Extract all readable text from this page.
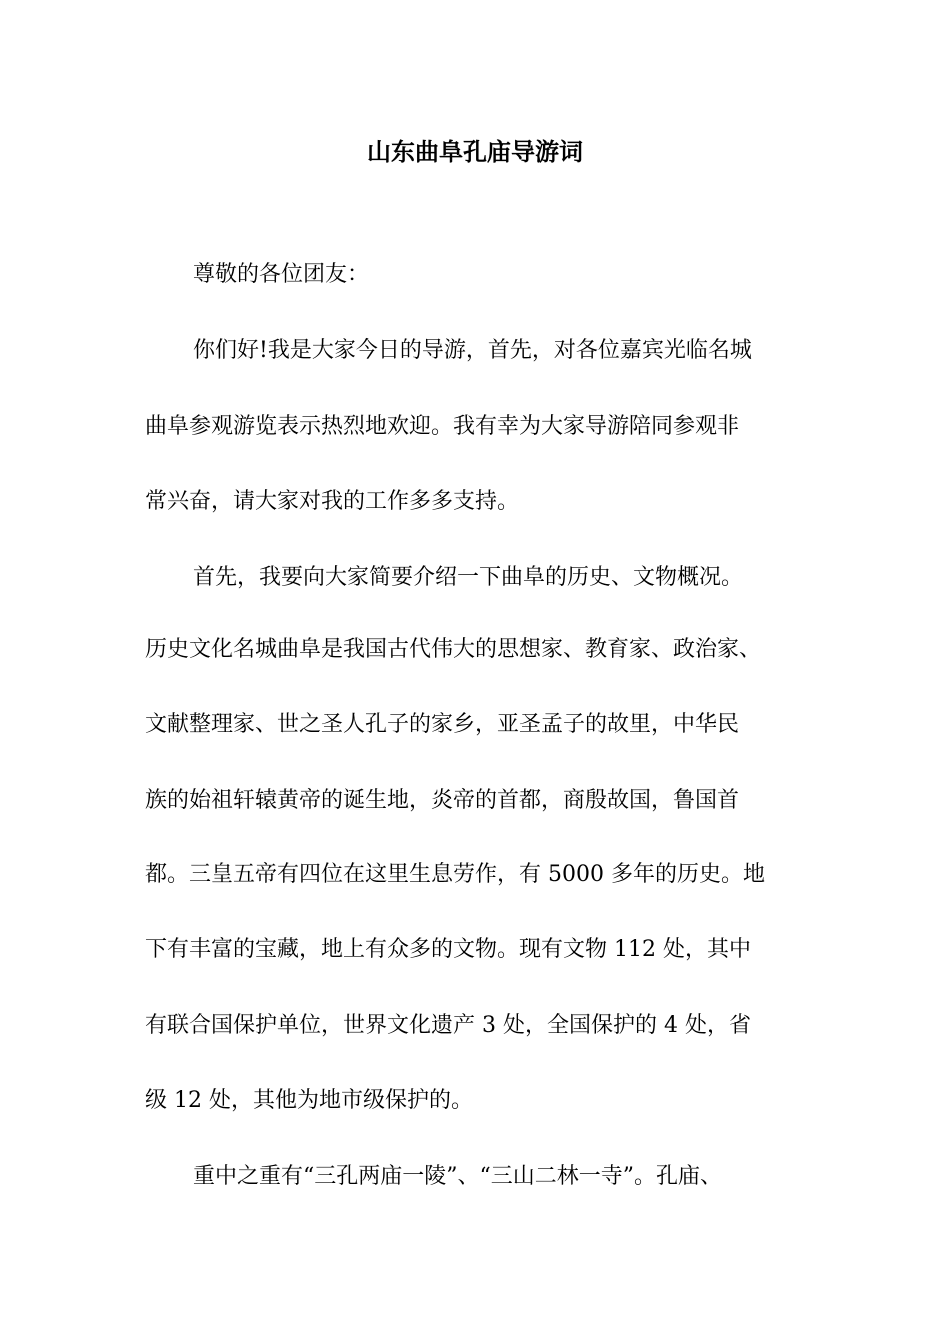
山东曲阜孔庙导游词

尊敬的各位团友：

你们好!我是大家今日的导游，首先，对各位嘉宾光临名城

曲阜参观游览表示热烈地欢迎。我有幸为大家导游陪同参观非

常兴奋，请大家对我的工作多多支持。

首先，我要向大家简要介绍一下曲阜的历史、文物概况。

历史文化名城曲阜是我国古代伟大的思想家、教育家、政治家、

文献整理家、世之圣人孔子的家乡，亚圣孟子的故里，中华民

族的始祖轩辕黄帝的诞生地，炎帝的首都，商殷故国，鲁国首

都。三皇五帝有四位在这里生息劳作，有 5000 多年的历史。地

下有丰富的宝藏，地上有众多的文物。现有文物 112 处，其中

有联合国保护单位，世界文化遗产 3 处，全国保护的 4 处，省

级 12 处，其他为地市级保护的。

重中之重有“三孔两庙一陵”、“三山二林一寺”。孔庙、
